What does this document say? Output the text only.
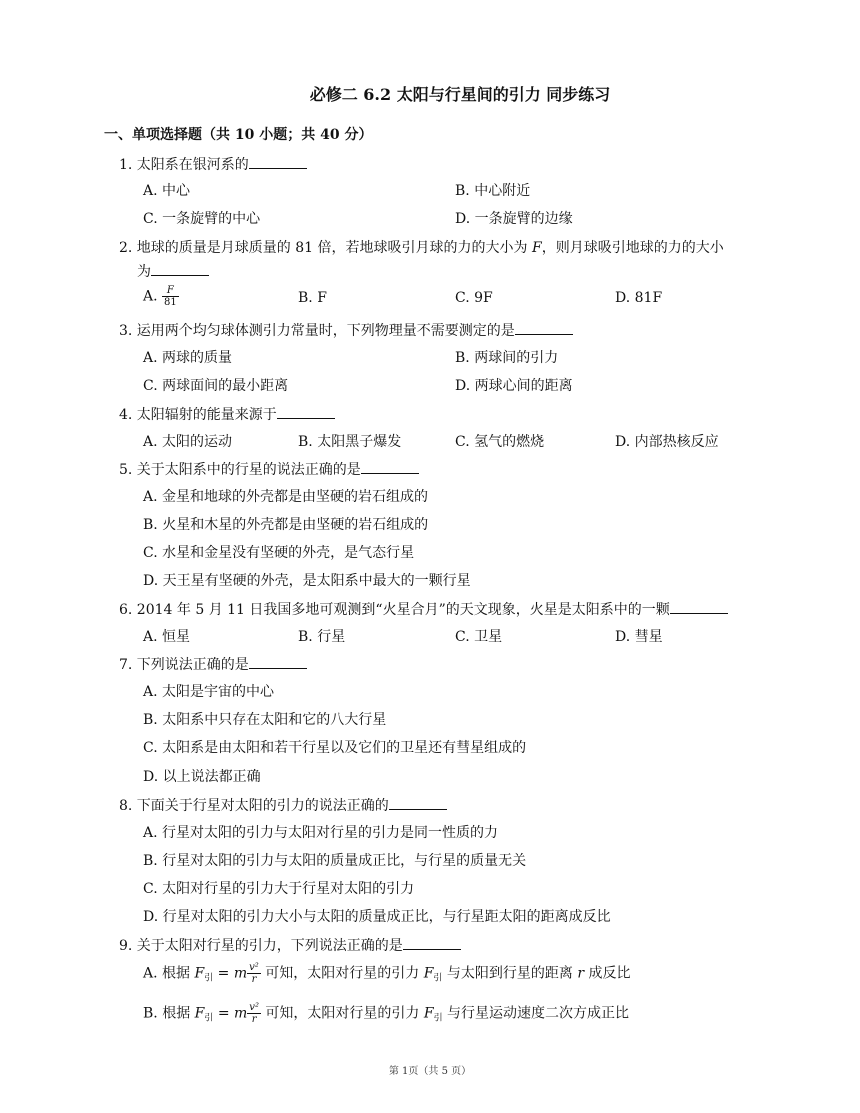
必修二 6.2 太阳与行星间的引力 同步练习
一、单项选择题（共 10 小题；共 40 分）
1. 太阳系在银河系的
A. 中心	B. 中心附近
C. 一条旋臂的中心	D. 一条旋臂的边缘
2. 地球的质量是月球质量的 81 倍，若地球吸引月球的力的大小为 F，则月球吸引地球的力的大小
为
A. $\frac{F}{81}$	B. F	C. 9F	D. 81F
3. 运用两个均匀球体测引力常量时，下列物理量不需要测定的是
A. 两球的质量	B. 两球间的引力
C. 两球面间的最小距离	D. 两球心间的距离
4. 太阳辐射的能量来源于
A. 太阳的运动	B. 太阳黑子爆发	C. 氢气的燃烧	D. 内部热核反应
5. 关于太阳系中的行星的说法正确的是
A. 金星和地球的外壳都是由坚硬的岩石组成的
B. 火星和木星的外壳都是由坚硬的岩石组成的
C. 水星和金星没有坚硬的外壳，是气态行星
D. 天王星有坚硬的外壳，是太阳系中最大的一颗行星
6. 2014 年 5 月 11 日我国多地可观测到“火星合月”的天文现象，火星是太阳系中的一颗
A. 恒星	B. 行星	C. 卫星	D. 彗星
7. 下列说法正确的是
A. 太阳是宇宙的中心
B. 太阳系中只存在太阳和它的八大行星
C. 太阳系是由太阳和若干行星以及它们的卫星还有彗星组成的
D. 以上说法都正确
8. 下面关于行星对太阳的引力的说法正确的
A. 行星对太阳的引力与太阳对行星的引力是同一性质的力
B. 行星对太阳的引力与太阳的质量成正比，与行星的质量无关
C. 太阳对行星的引力大于行星对太阳的引力
D. 行星对太阳的引力大小与太阳的质量成正比，与行星距太阳的距离成反比
9. 关于太阳对行星的引力，下列说法正确的是
A. 根据 $F_引 = m \frac{\text{v²}}{r}$ 可知，太阳对行星的引力 $F_引$ 与太阳到行星的距离 r 成反比
B. 根据 $F_引 = m \frac{\text{v²}}{r}$ 可知，太阳对行星的引力 $F_引$ 与行星运动速度二次方成正比
第 1页（共 5 页）
